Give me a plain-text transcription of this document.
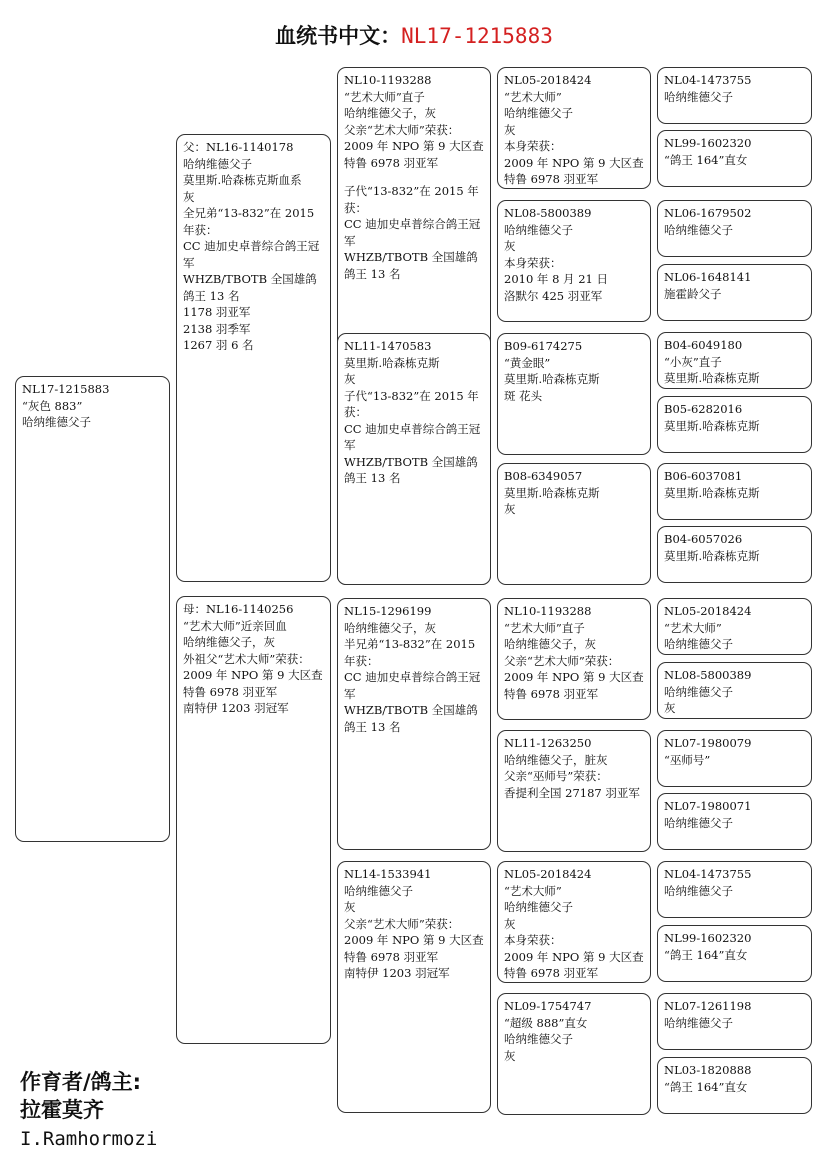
血统书中文：NL17-1215883
NL17-1215883
“灰色 883”
哈纳维德父子
父：NL16-1140178
哈纳维德父子
莫里斯.哈森栋克斯血系
灰
全兄弟“13-832”在 2015 年获：
CC 迪加史卓普综合鸽王冠军
WHZB/TBOTB 全国雄鸽鸽王 13 名
1178 羽亚军
2138 羽季军
1267 羽 6 名
母：NL16-1140256
“艺术大师”近亲回血
哈纳维德父子，灰
外祖父“艺术大师”荣获：
2009 年 NPO 第 9 大区查特鲁 6978 羽亚军
南特伊 1203 羽冠军
NL10-1193288
“艺术大师”直子
哈纳维德父子，灰
父亲“艺术大师”荣获：
2009 年 NPO 第 9 大区查特鲁 6978 羽亚军
子代“13-832”在 2015 年获：
CC 迪加史卓普综合鸽王冠军
WHZB/TBOTB 全国雄鸽鸽王 13 名
NL11-1470583
莫里斯.哈森栋克斯
灰
子代“13-832”在 2015 年获：
CC 迪加史卓普综合鸽王冠军
WHZB/TBOTB 全国雄鸽鸽王 13 名
NL15-1296199
哈纳维德父子，灰
半兄弟“13-832”在 2015 年获：
CC 迪加史卓普综合鸽王冠军
WHZB/TBOTB 全国雄鸽鸽王 13 名
NL14-1533941
哈纳维德父子
灰
父亲“艺术大师”荣获：
2009 年 NPO 第 9 大区查特鲁 6978 羽亚军
南特伊 1203 羽冠军
NL05-2018424
“艺术大师”
哈纳维德父子
灰
本身荣获：
2009 年 NPO 第 9 大区查特鲁 6978 羽亚军
NL08-5800389
哈纳维德父子
灰
本身荣获：
2010 年 8 月 21 日
洛默尔 425 羽亚军
B09-6174275
“黄金眼”
莫里斯.哈森栋克斯
斑 花头
B08-6349057
莫里斯.哈森栋克斯
灰
NL10-1193288
“艺术大师”直子
哈纳维德父子，灰
父亲“艺术大师”荣获：
2009 年 NPO 第 9 大区查特鲁 6978 羽亚军
NL11-1263250
哈纳维德父子，脏灰
父亲“巫师号”荣获：
香提利全国 27187 羽亚军
NL05-2018424
“艺术大师”
哈纳维德父子
灰
本身荣获：
2009 年 NPO 第 9 大区查特鲁 6978 羽亚军
NL09-1754747
“超级 888”直女
哈纳维德父子
灰
NL04-1473755
哈纳维德父子
NL99-1602320
“鸽王 164”直女
NL06-1679502
哈纳维德父子
NL06-1648141
施霍龄父子
B04-6049180
“小灰”直子
莫里斯.哈森栋克斯
B05-6282016
莫里斯.哈森栋克斯
B06-6037081
莫里斯.哈森栋克斯
B04-6057026
莫里斯.哈森栋克斯
NL05-2018424
“艺术大师”
哈纳维德父子
NL08-5800389
哈纳维德父子
灰
NL07-1980079
“巫师号”
NL07-1980071
哈纳维德父子
NL04-1473755
哈纳维德父子
NL99-1602320
“鸽王 164”直女
NL07-1261198
哈纳维德父子
NL03-1820888
“鸽王 164”直女
作育者/鸽主:
拉霍莫齐
I.Ramhormozi
